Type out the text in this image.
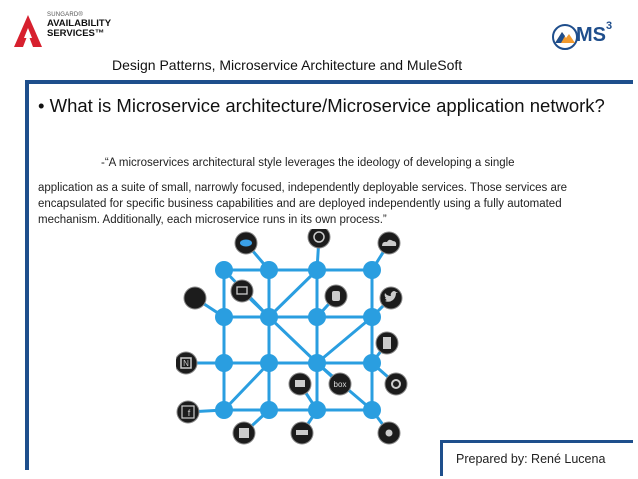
SUNGARD®
AVAILABILITY
SERVICES™	$MS^3$
Design Patterns, Microservice Architecture and MuleSoft
• What is Microservice architecture/Microservice application network?
-“A microservices architectural style leverages the ideology of developing a single
application as a suite of small, narrowly focused, independently deployable services. Those services are encapsulated for specific business capabilities and are deployed independently using a fully automated mechanism. Additionally, each microservice runs in its own process.”
N
box
f
Prepared by: René Lucena
